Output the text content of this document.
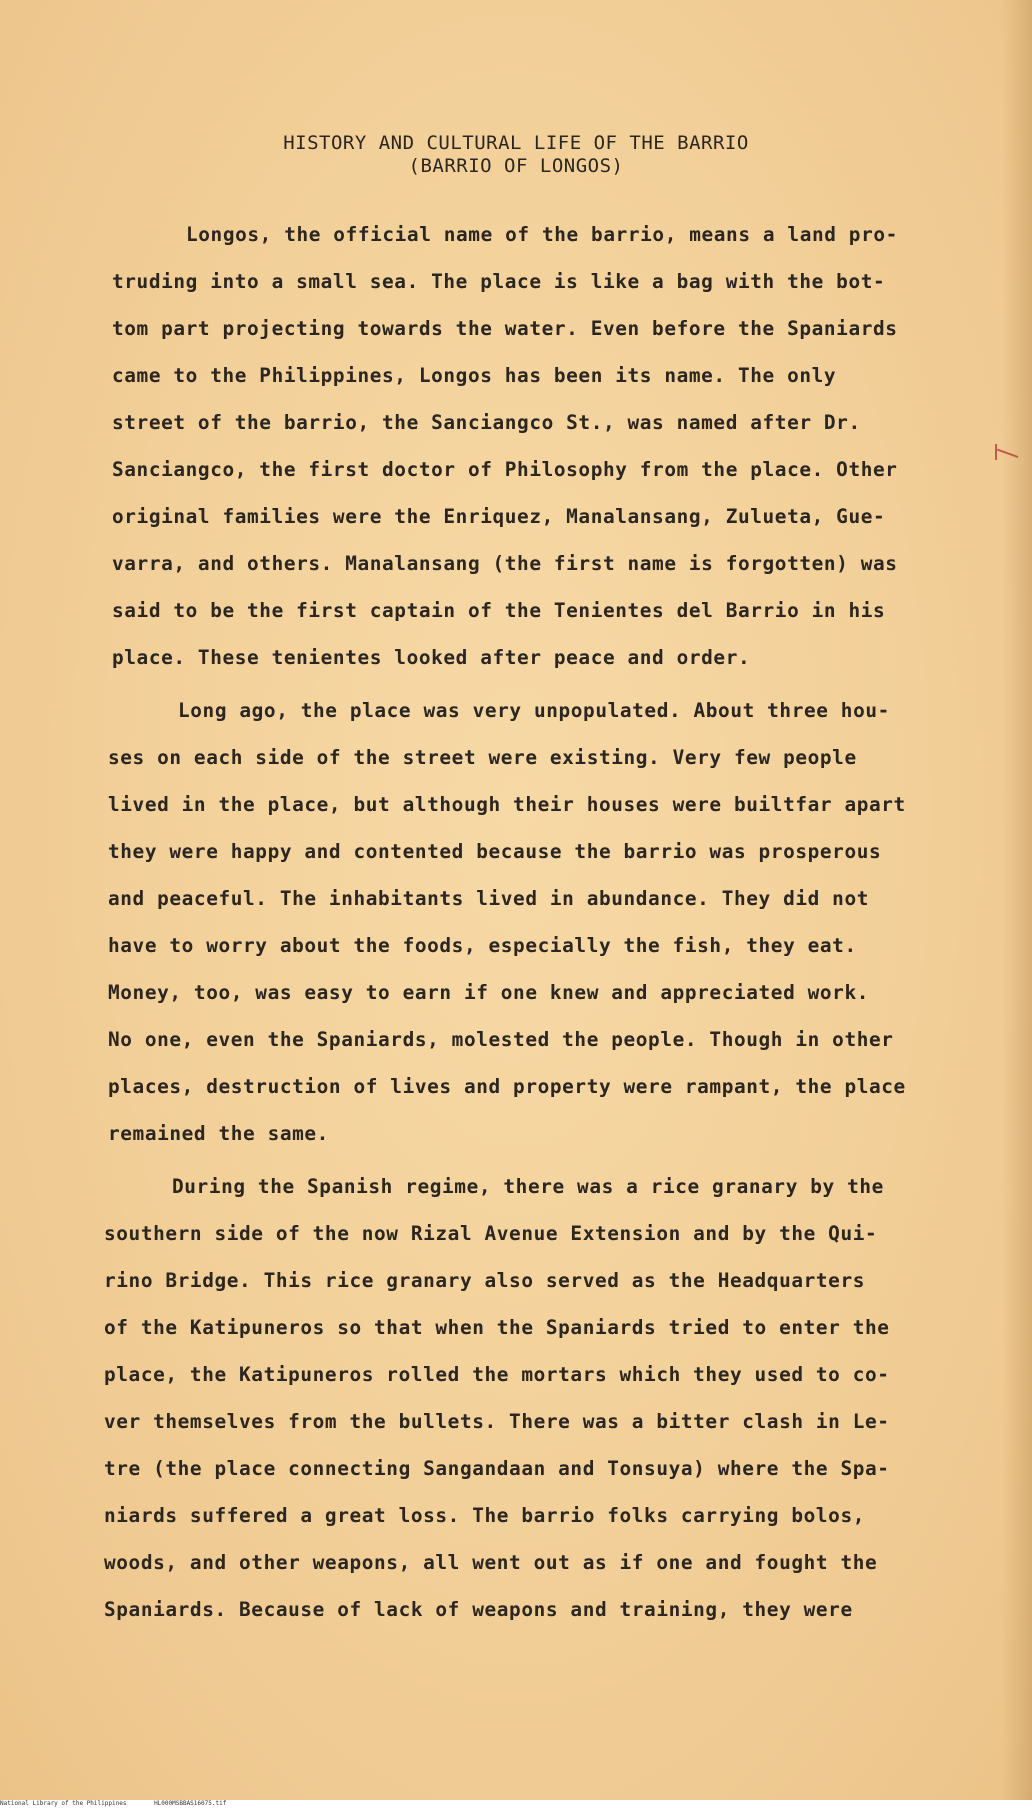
HISTORY AND CULTURAL LIFE OF THE BARRIO
(BARRIO OF LONGOS)
Longos, the official name of the barrio, means a land pro-
truding into a small sea. The place is like a bag with the bot-
tom part projecting towards the water. Even before the Spaniards
came to the Philippines, Longos has been its name. The only
street of the barrio, the Sanciangco St., was named after Dr.
Sanciangco, the first doctor of Philosophy from the place. Other
original families were the Enriquez, Manalansang, Zulueta, Gue-
varra, and others. Manalansang (the first name is forgotten) was
said to be the first captain of the Tenientes del Barrio in his
place. These tenientes looked after peace and order.
Long ago, the place was very unpopulated. About three hou-
ses on each side of the street were existing. Very few people
lived in the place, but although their houses were builtfar apart
they were happy and contented because the barrio was prosperous
and peaceful. The inhabitants lived in abundance. They did not
have to worry about the foods, especially the fish, they eat.
Money, too, was easy to earn if one knew and appreciated work.
No one, even the Spaniards, molested the people. Though in other
places, destruction of lives and property were rampant, the place
remained the same.
During the Spanish regime, there was a rice granary by the
southern side of the now Rizal Avenue Extension and by the Qui-
rino Bridge. This rice granary also served as the Headquarters
of the Katipuneros so that when the Spaniards tried to enter the
place, the Katipuneros rolled the mortars which they used to co-
ver themselves from the bullets. There was a bitter clash in Le-
tre (the place connecting Sangandaan and Tonsuya) where the Spa-
niards suffered a great loss. The barrio folks carrying bolos,
woods, and other weapons, all went out as if one and fought the
Spaniards. Because of lack of weapons and training, they were
National Library of the Philippines	HL000MSBBAS16075.tif
